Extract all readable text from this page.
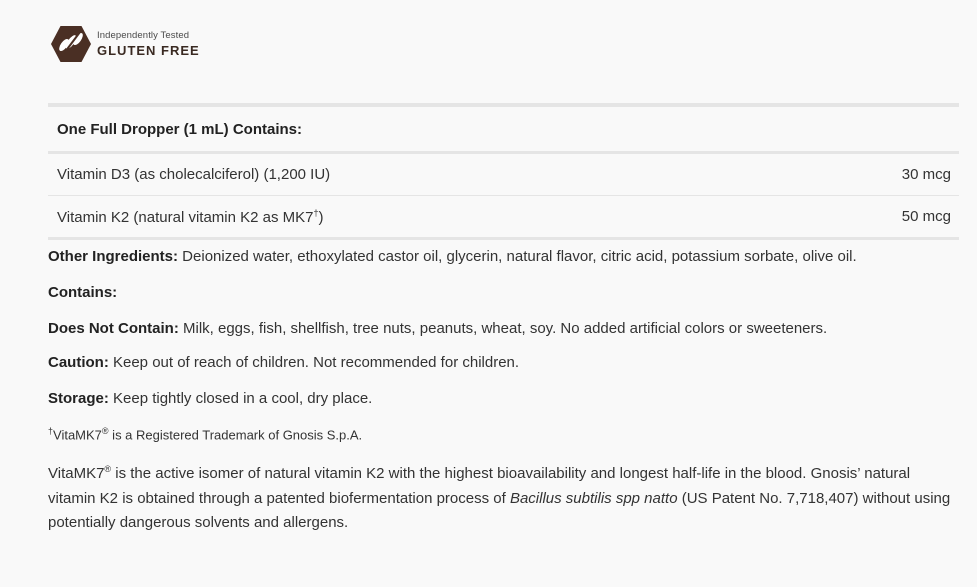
Independently Tested
GLUTEN FREE
One Full Dropper (1 mL) Contains:
Vitamin D3 (as cholecalciferol) (1,200 IU)	30 mcg
Vitamin K2 (natural vitamin K2 as MK7†)	50 mcg

Other Ingredients: Deionized water, ethoxylated castor oil, glycerin, natural flavor, citric acid, potassium sorbate, olive oil.

Contains:

Does Not Contain: Milk, eggs, fish, shellfish, tree nuts, peanuts, wheat, soy. No added artificial colors or sweeteners.

Caution: Keep out of reach of children. Not recommended for children.

Storage: Keep tightly closed in a cool, dry place.

†VitaMK7® is a Registered Trademark of Gnosis S.p.A.

VitaMK7® is the active isomer of natural vitamin K2 with the highest bioavailability and longest half-life in the blood. Gnosis’ natural vitamin K2 is obtained through a patented biofermentation process of Bacillus subtilis spp natto (US Patent No. 7,718,407) without using potentially dangerous solvents and allergens.
